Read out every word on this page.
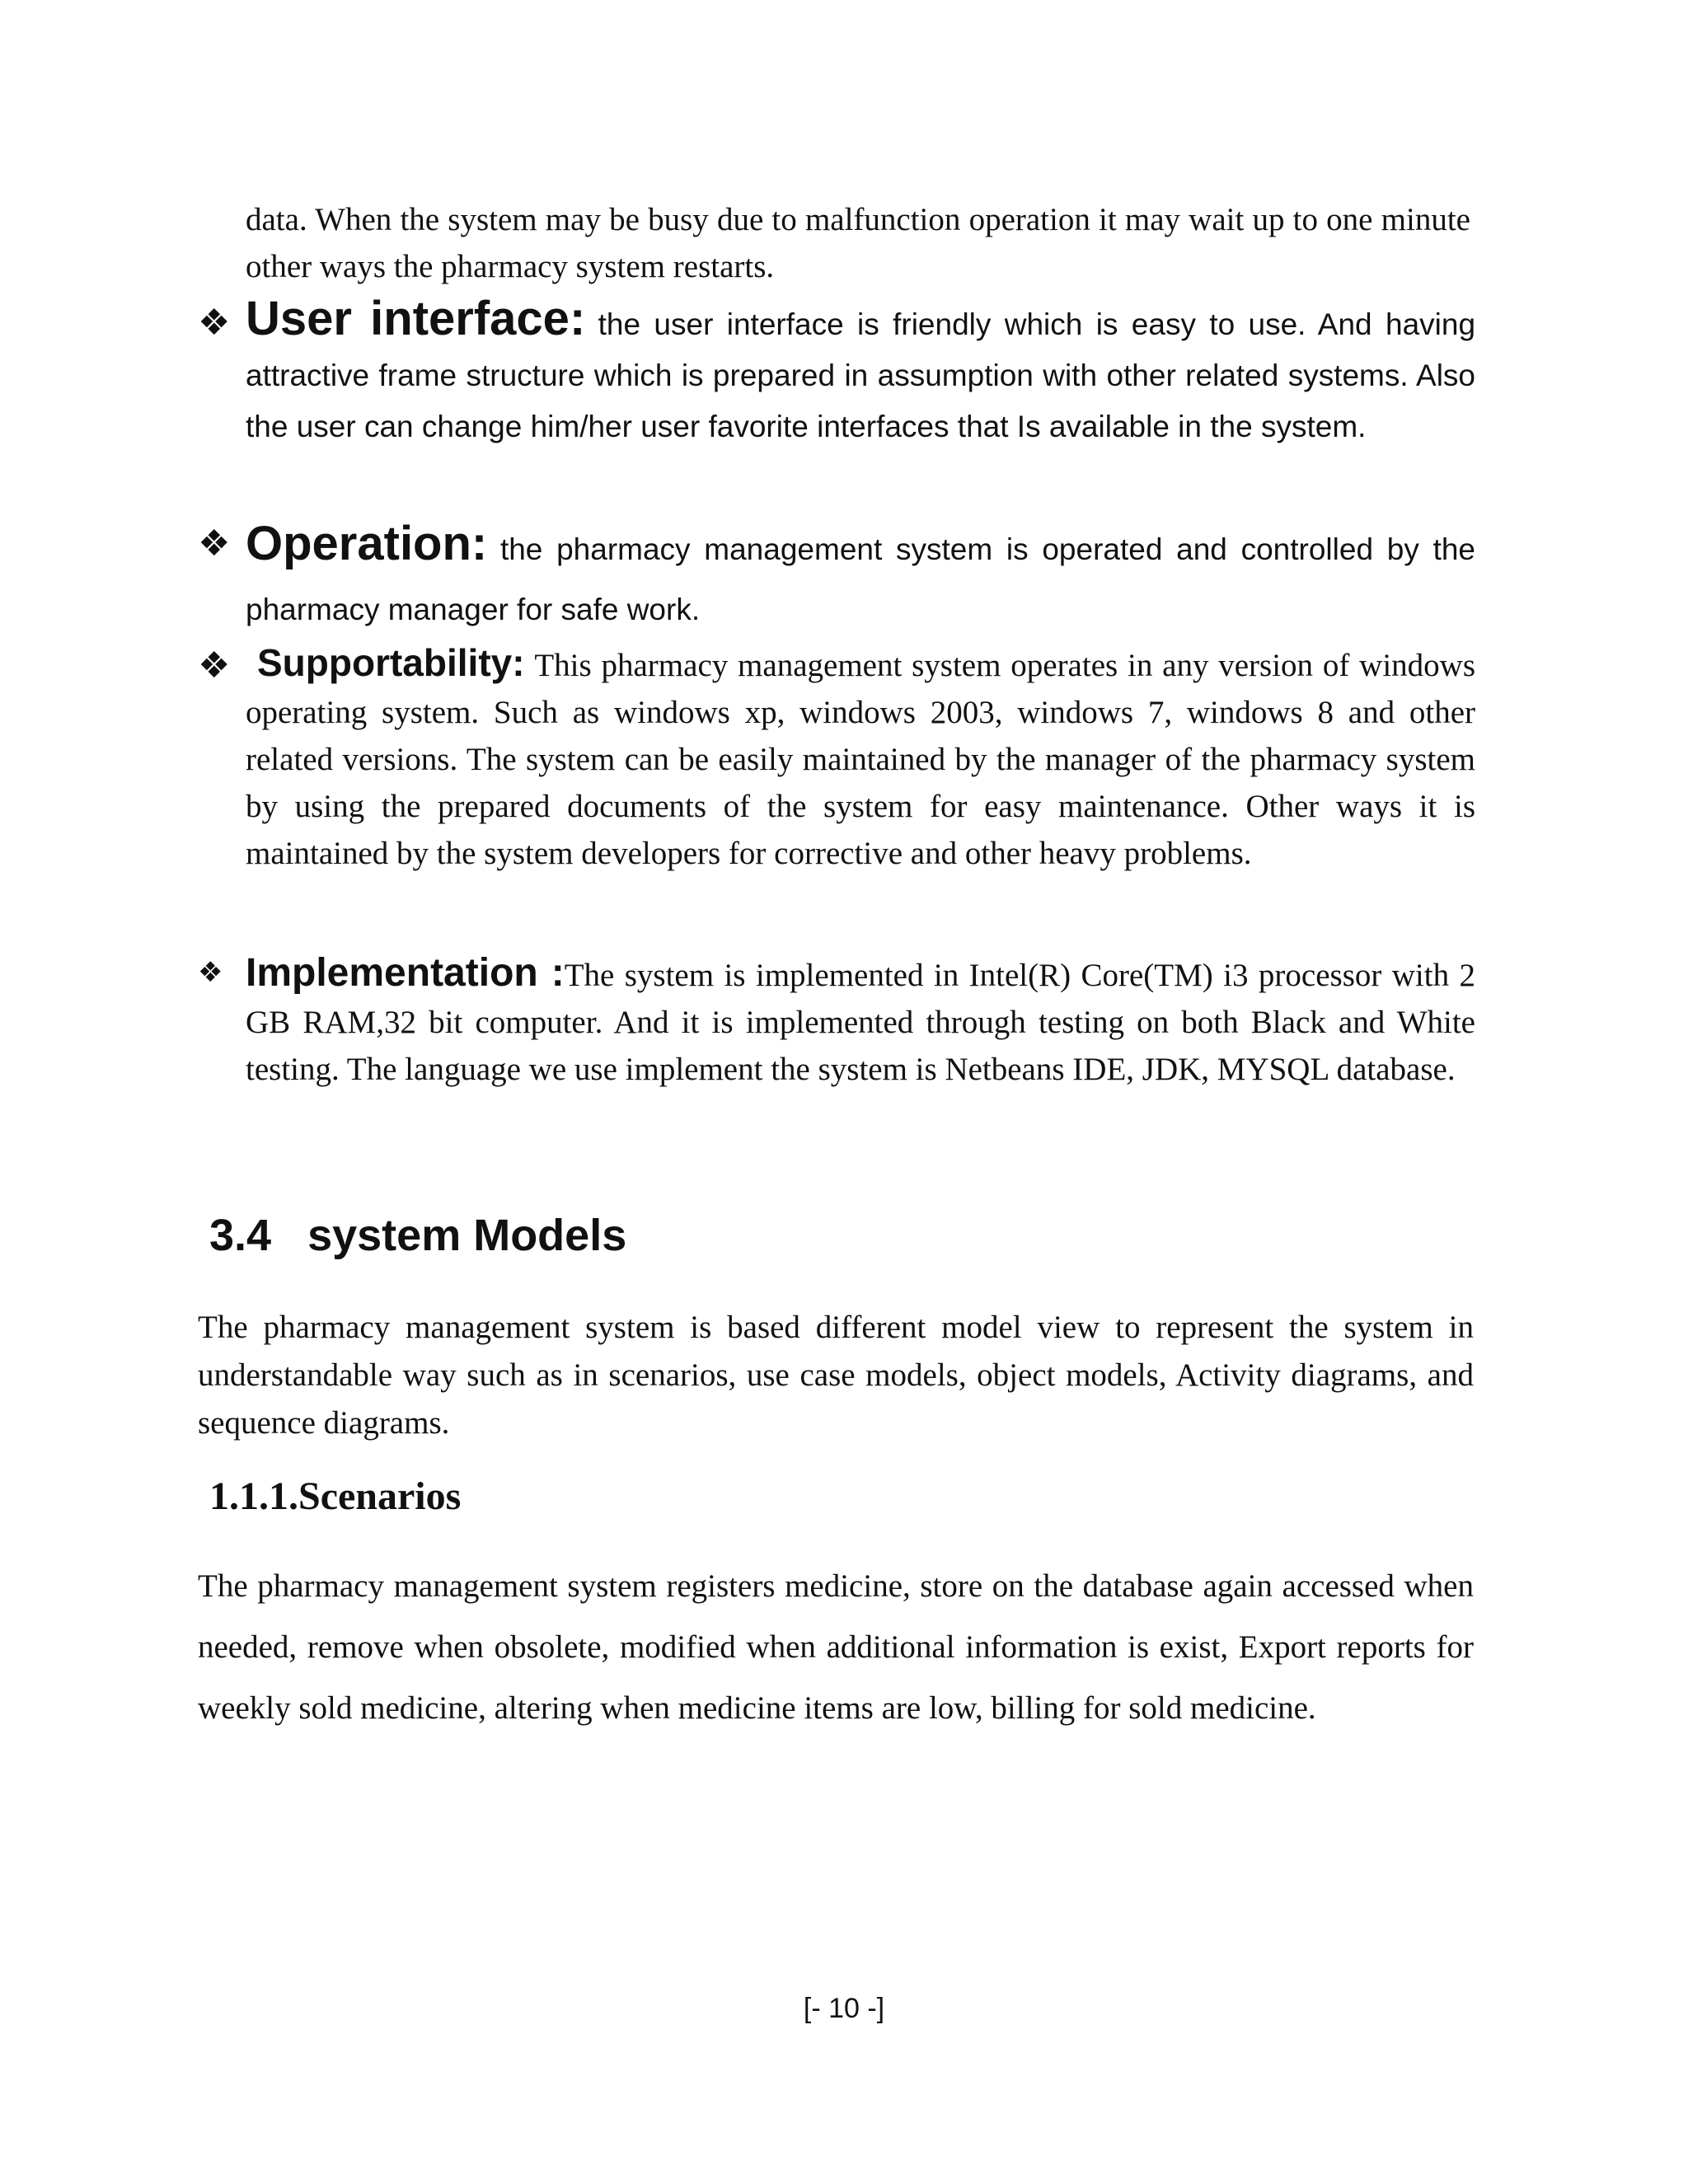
data. When the system may be busy due to malfunction operation it may wait up to one minute other ways the pharmacy system restarts.

❖ User interface: the user interface is friendly which is easy to use. And having attractive frame structure which is prepared in assumption with other related systems. Also the user can change him/her user favorite interfaces that Is available in the system.
❖ Operation: the pharmacy management system is operated and controlled by the pharmacy manager for safe work.
❖ Supportability: This pharmacy management system operates in any version of windows operating system. Such as windows xp, windows 2003, windows 7, windows 8 and other related versions. The system can be easily maintained by the manager of the pharmacy system by using the prepared documents of the system for easy maintenance. Other ways it is maintained by the system developers for corrective and other heavy problems.
❖ Implementation :The system is implemented in Intel(R) Core(TM) i3 processor with 2 GB RAM,32 bit computer. And it is implemented through testing on both Black and White testing. The language we use implement the system is Netbeans IDE, JDK, MYSQL database.
3.4 system Models

The pharmacy management system is based different model view to represent the system in understandable way such as in scenarios, use case models, object models, Activity diagrams, and sequence diagrams.

1.1.1.Scenarios

The pharmacy management system registers medicine, store on the database again accessed when needed, remove when obsolete, modified when additional information is exist, Export reports for weekly sold medicine, altering when medicine items are low, billing for sold medicine.

[- 10 -]
